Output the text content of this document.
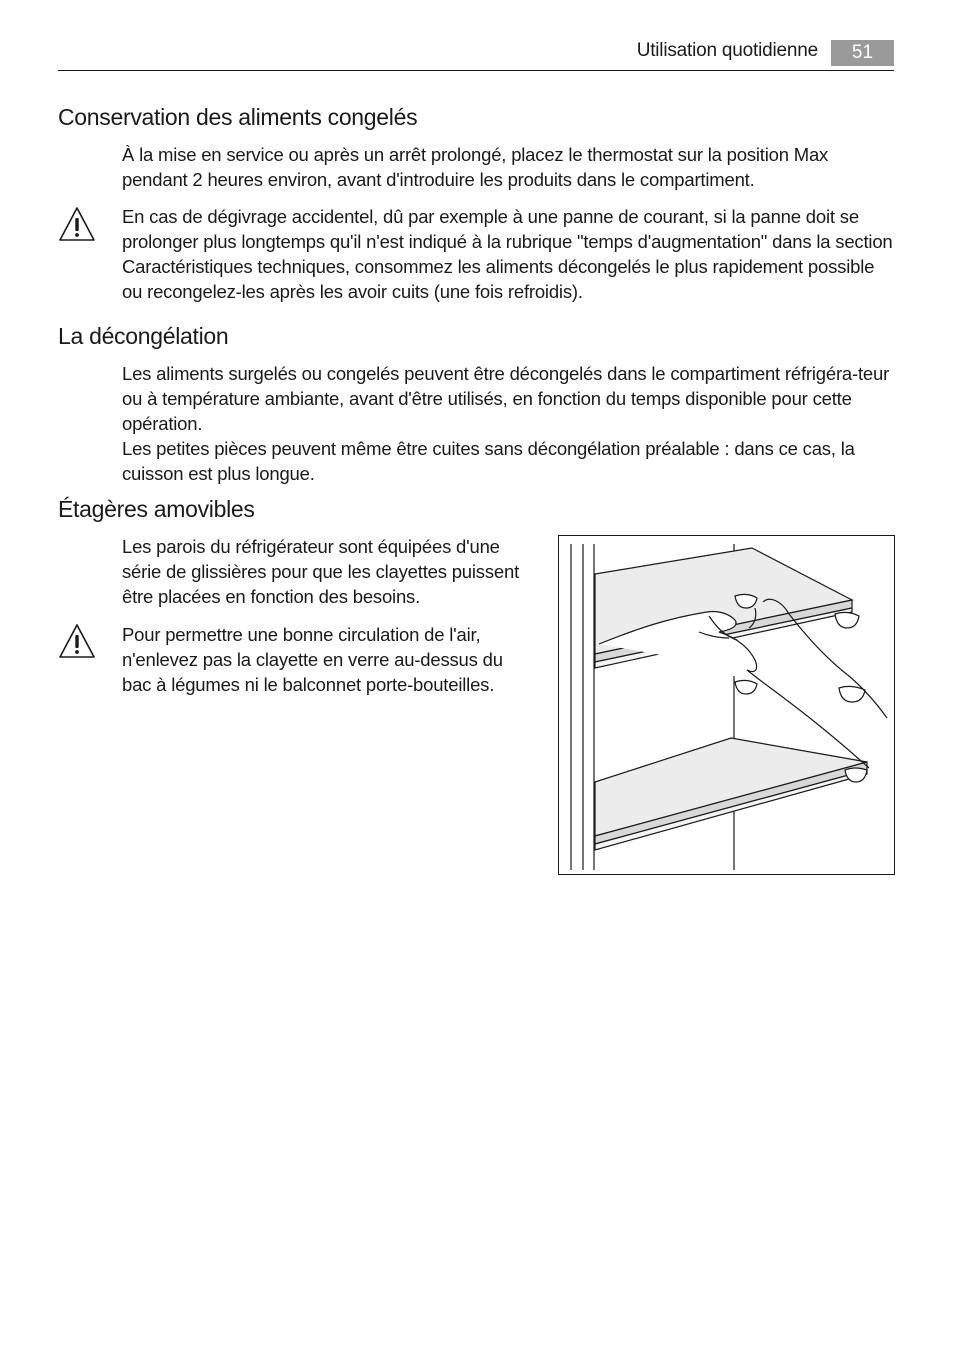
Utilisation quotidienne	51
Conservation des aliments congelés

À la mise en service ou après un arrêt prolongé, placez le thermostat sur la position Max pendant 2 heures environ, avant d'introduire les produits dans le compartiment.

En cas de dégivrage accidentel, dû par exemple à une panne de courant, si la panne doit se prolonger plus longtemps qu'il n'est indiqué à la rubrique "temps d'augmentation" dans la section Caractéristiques techniques, consommez les aliments décongelés le plus rapidement possible ou recongelez-les après les avoir cuits (une fois refroidis).

La décongélation

Les aliments surgelés ou congelés peuvent être décongelés dans le compartiment réfrigéra-teur ou à température ambiante, avant d'être utilisés, en fonction du temps disponible pour cette opération.

Les petites pièces peuvent même être cuites sans décongélation préalable : dans ce cas, la cuisson est plus longue.

Étagères amovibles

Les parois du réfrigérateur sont équipées d'une série de glissières pour que les clayettes puissent être placées en fonction des besoins.

Pour permettre une bonne circulation de l'air, n'enlevez pas la clayette en verre au-dessus du bac à légumes ni le balconnet porte-bouteilles.
